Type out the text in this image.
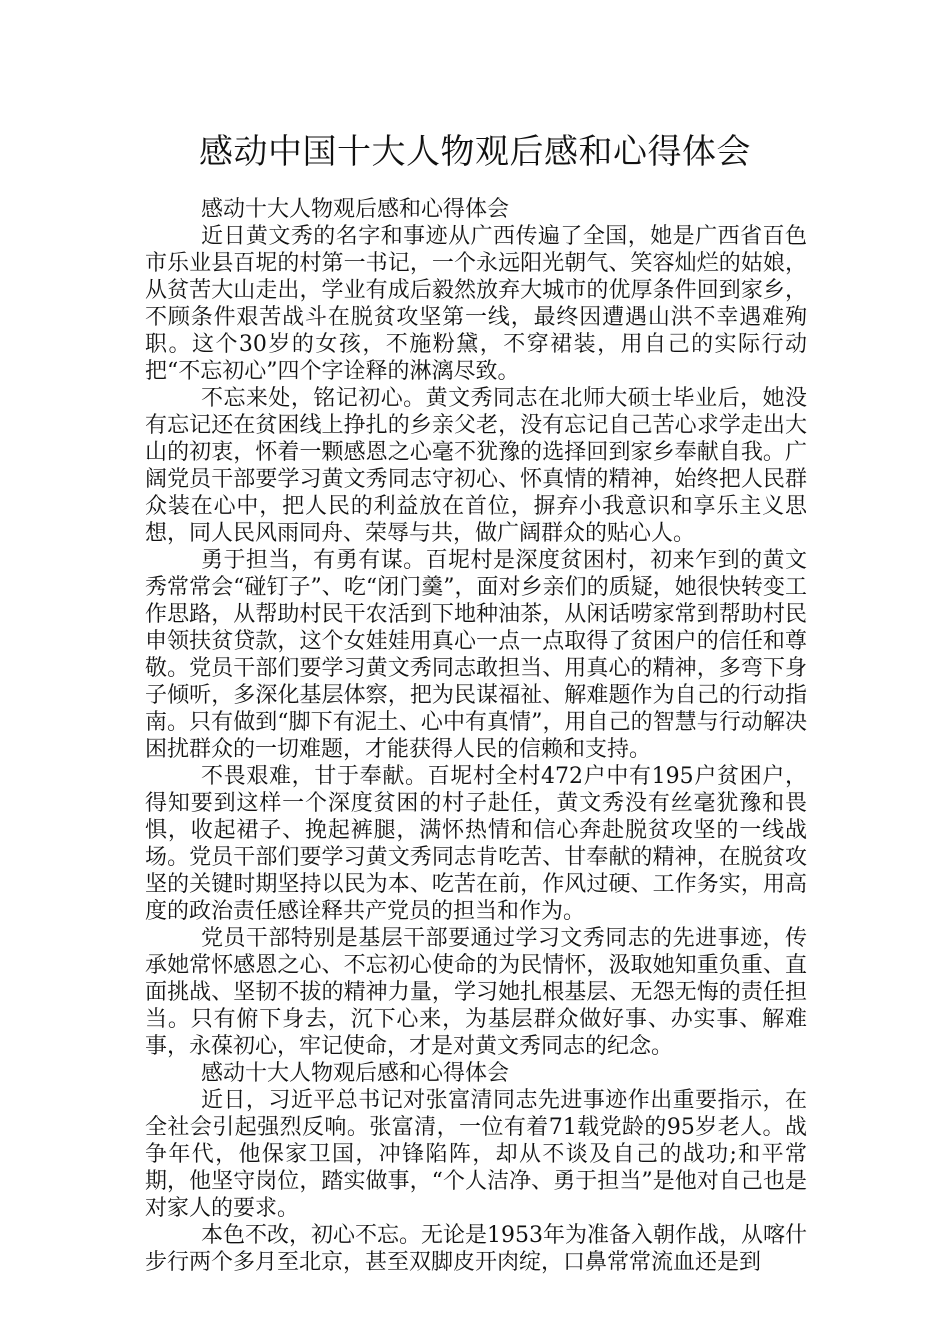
感动中国十大人物观后感和心得体会

感动十大人物观后感和心得体会

近日黄文秀的名字和事迹从广西传遍了全国，她是广西省百色市乐业县百坭的村第一书记，一个永远阳光朝气、笑容灿烂的姑娘，从贫苦大山走出，学业有成后毅然放弃大城市的优厚条件回到家乡，不顾条件艰苦战斗在脱贫攻坚第一线，最终因遭遇山洪不幸遇难殉职。这个30岁的女孩，不施粉黛，不穿裙装，用自己的实际行动把“不忘初心”四个字诠释的淋漓尽致。

不忘来处，铭记初心。黄文秀同志在北师大硕士毕业后，她没有忘记还在贫困线上挣扎的乡亲父老，没有忘记自己苦心求学走出大山的初衷，怀着一颗感恩之心毫不犹豫的选择回到家乡奉献自我。广阔党员干部要学习黄文秀同志守初心、怀真情的精神，始终把人民群众装在心中，把人民的利益放在首位，摒弃小我意识和享乐主义思想，同人民风雨同舟、荣辱与共，做广阔群众的贴心人。

勇于担当，有勇有谋。百坭村是深度贫困村，初来乍到的黄文秀常常会“碰钉子”、吃“闭门羹”，面对乡亲们的质疑，她很快转变工作思路，从帮助村民干农活到下地种油茶，从闲话唠家常到帮助村民申领扶贫贷款，这个女娃娃用真心一点一点取得了贫困户的信任和尊敬。党员干部们要学习黄文秀同志敢担当、用真心的精神，多弯下身子倾听，多深化基层体察，把为民谋福祉、解难题作为自己的行动指南。只有做到“脚下有泥土、心中有真情”，用自己的智慧与行动解决困扰群众的一切难题，才能获得人民的信赖和支持。

不畏艰难，甘于奉献。百坭村全村472户中有195户贫困户，得知要到这样一个深度贫困的村子赴任，黄文秀没有丝毫犹豫和畏惧，收起裙子、挽起裤腿，满怀热情和信心奔赴脱贫攻坚的一线战场。党员干部们要学习黄文秀同志肯吃苦、甘奉献的精神，在脱贫攻坚的关键时期坚持以民为本、吃苦在前，作风过硬、工作务实，用高度的政治责任感诠释共产党员的担当和作为。

党员干部特别是基层干部要通过学习文秀同志的先进事迹，传承她常怀感恩之心、不忘初心使命的为民情怀，汲取她知重负重、直面挑战、坚韧不拔的精神力量，学习她扎根基层、无怨无悔的责任担当。只有俯下身去，沉下心来，为基层群众做好事、办实事、解难事，永葆初心，牢记使命，才是对黄文秀同志的纪念。

感动十大人物观后感和心得体会

近日，习近平总书记对张富清同志先进事迹作出重要指示，在全社会引起强烈反响。张富清，一位有着71载党龄的95岁老人。战争年代，他保家卫国，冲锋陷阵，却从不谈及自己的战功;和平常期，他坚守岗位，踏实做事，“个人洁净、勇于担当”是他对自己也是对家人的要求。

本色不改，初心不忘。无论是1953年为准备入朝作战，从喀什步行两个多月至北京，甚至双脚皮开肉绽，口鼻常常流血还是到
